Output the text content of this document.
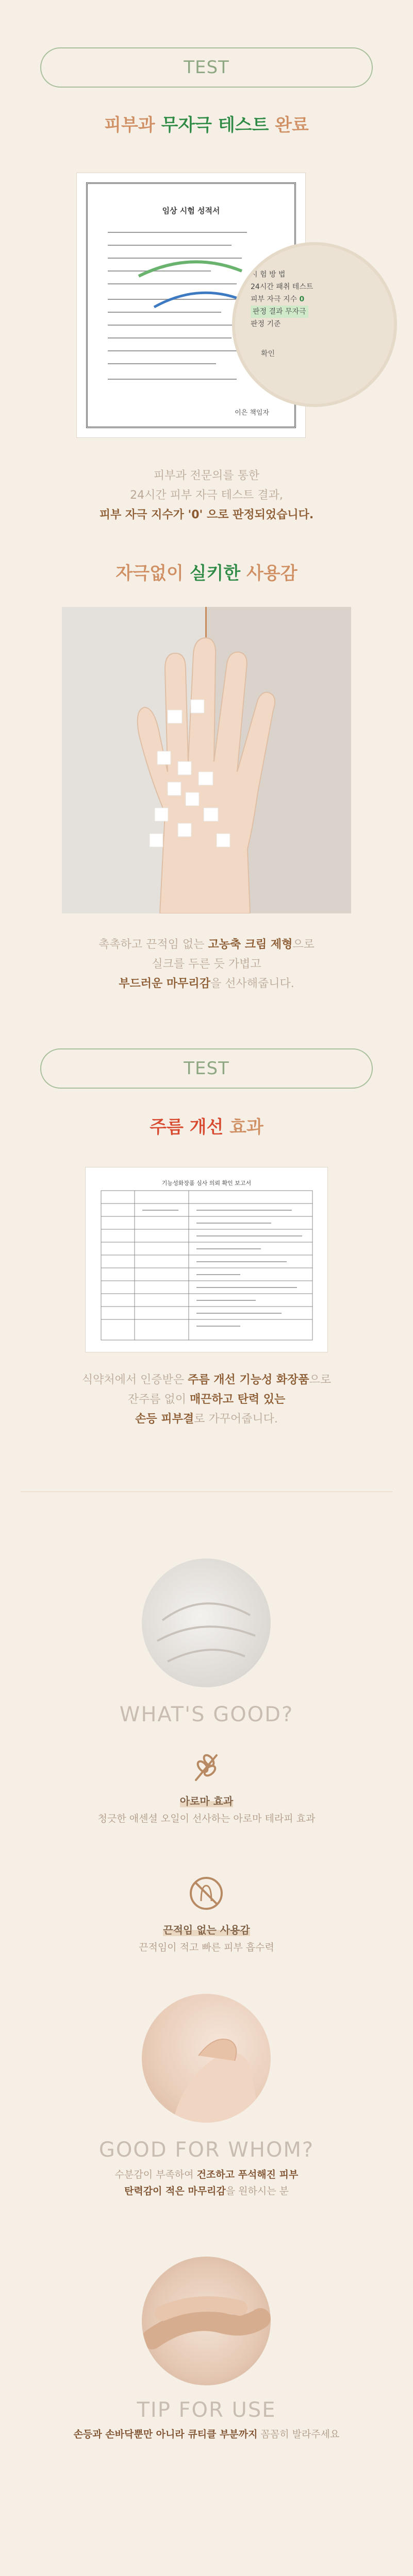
TEST
피부과 무자극 테스트 완료
임상 시험 성적서
이은 책임자
시 험 방 법
24시간 패취 테스트
피부 자극 지수 0
판정 결과 무자극
판정 기준
확인
피부과 전문의를 통한
24시간 피부 자극 테스트 결과,
피부 자극 지수가 '0' 으로 판정되었습니다.
자극없이 실키한 사용감
촉촉하고 끈적임 없는 고농축 크림 제형으로
실크를 두른 듯 가볍고
부드러운 마무리감을 선사해줍니다.
TEST
주름 개선 효과
기능성화장품 심사 의뢰 확인 보고서
식약처에서 인증받은 주름 개선 기능성 화장품으로
잔주름 없이 매끈하고 탄력 있는
손등 피부결로 가꾸어줍니다.
WHAT'S GOOD?
아로마 효과
청긋한 애센셜 오일이 선사하는 아로마 테라피 효과
끈적임 없는 사용감
끈적임이 적고 빠른 피부 흡수력
GOOD FOR WHOM?
수분감이 부족하여 건조하고 푸석해진 피부
탄력감이 적은 마무리감을 원하시는 분
TIP FOR USE
손등과 손바닥뿐만 아니라 큐티클 부분까지 꼼꼼히 발라주세요
